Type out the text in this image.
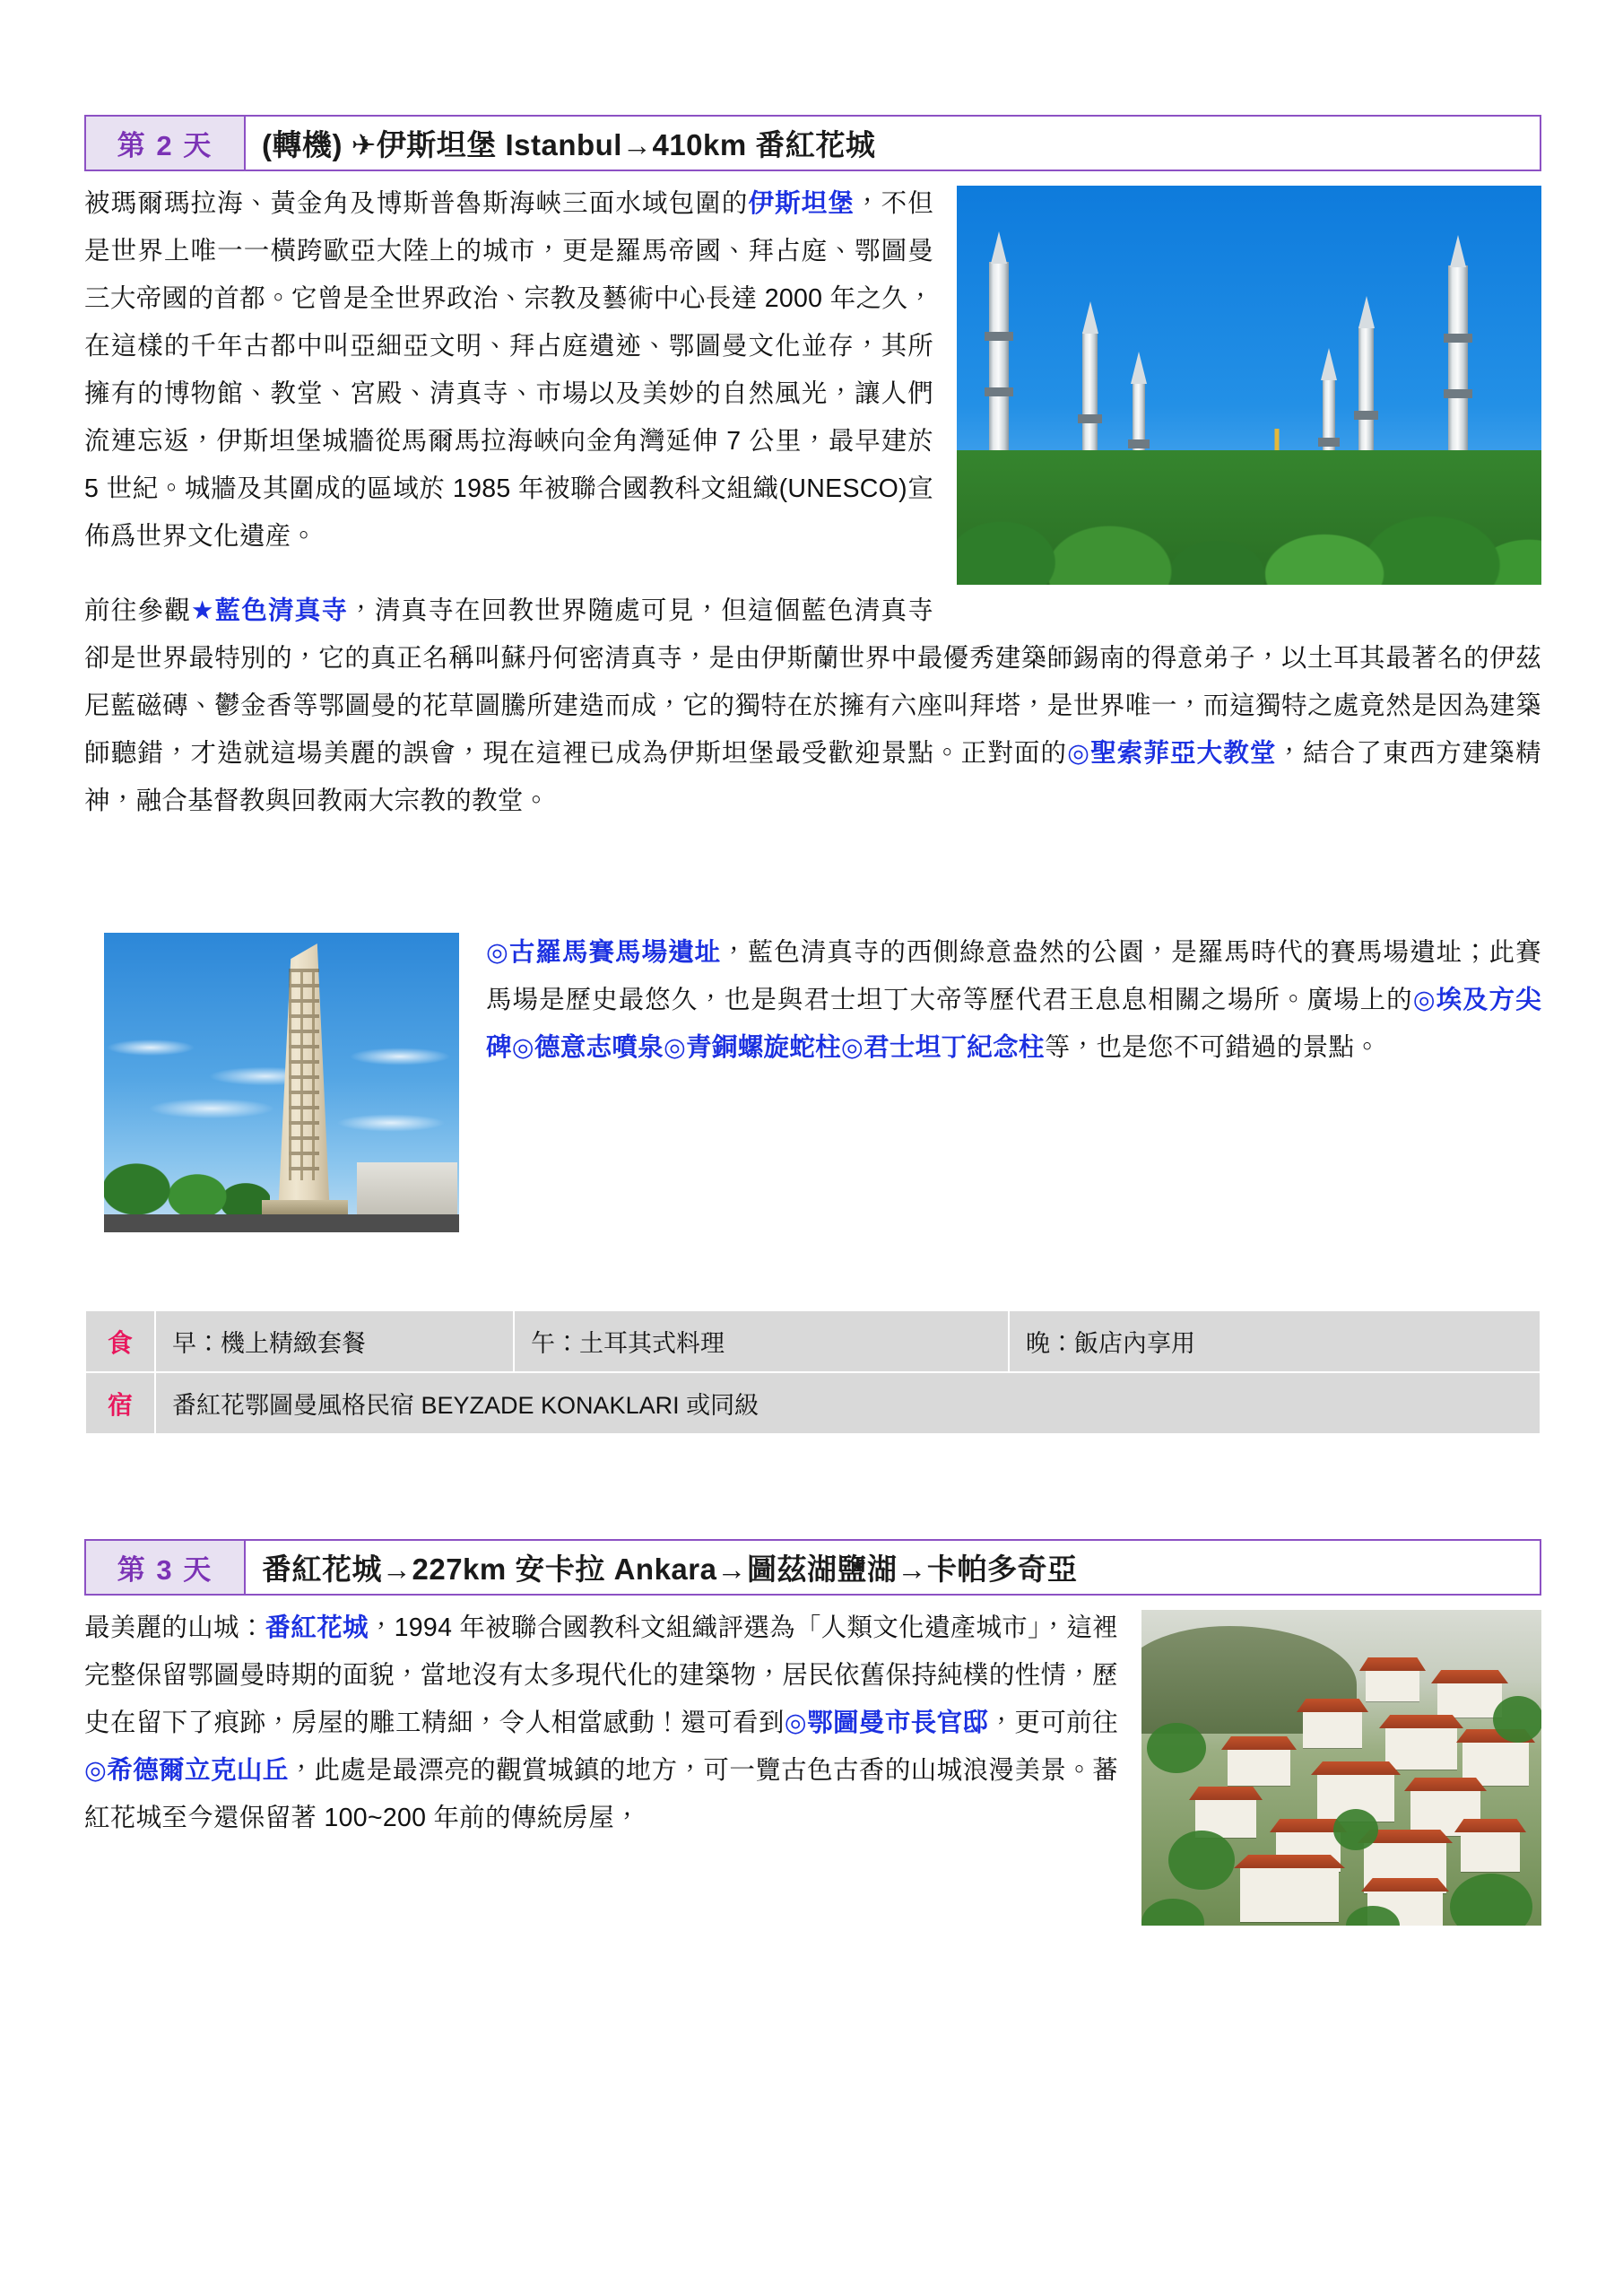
第 2 天	(轉機) ✈伊斯坦堡 Istanbul→410km 番紅花城

被瑪爾瑪拉海、黃金角及博斯普魯斯海峽三面水域包圍的伊斯坦堡，不但是世界上唯一一橫跨歐亞大陸上的城市，更是羅馬帝國、拜占庭、鄂圖曼三大帝國的首都。它曾是全世界政治、宗教及藝術中心長達 2000 年之久，在這樣的千年古都中叫亞細亞文明、拜占庭遺迹、鄂圖曼文化並存，其所擁有的博物館、教堂、宮殿、清真寺、市場以及美妙的自然風光，讓人們流連忘返，伊斯坦堡城牆從馬爾馬拉海峽向金角灣延伸 7 公里，最早建於 5 世紀。城牆及其圍成的區域於 1985 年被聯合國教科文組織(UNESCO)宣佈爲世界文化遺産。

前往參觀★藍色清真寺，清真寺在回教世界隨處可見，但這個藍色清真寺卻是世界最特別的，它的真正名稱叫蘇丹何密清真寺，是由伊斯蘭世界中最優秀建築師錫南的得意弟子，以土耳其最著名的伊茲尼藍磁磚、鬱金香等鄂圖曼的花草圖騰所建造而成，它的獨特在於擁有六座叫拜塔，是世界唯一，而這獨特之處竟然是因為建築師聽錯，才造就這場美麗的誤會，現在這裡已成為伊斯坦堡最受歡迎景點。正對面的◎聖索菲亞大教堂，結合了東西方建築精神，融合基督教與回教兩大宗教的教堂。

◎古羅馬賽馬場遺址，藍色清真寺的西側綠意盎然的公園，是羅馬時代的賽馬場遺址；此賽馬場是歷史最悠久，也是與君士坦丁大帝等歷代君王息息相關之場所。廣場上的◎埃及方尖碑◎德意志噴泉◎青銅螺旋蛇柱◎君士坦丁紀念柱等，也是您不可錯過的景點。

食	早：機上精緻套餐	午：土耳其式料理	晚：飯店內享用
宿	番紅花鄂圖曼風格民宿 BEYZADE KONAKLARI 或同級		
第 3 天	番紅花城→227km 安卡拉 Ankara→圖茲湖鹽湖→卡帕多奇亞

最美麗的山城：番紅花城，1994 年被聯合國教科文組織評選為「人類文化遺產城市」，這裡完整保留鄂圖曼時期的面貌，當地沒有太多現代化的建築物，居民依舊保持純樸的性情，歷史在留下了痕跡，房屋的雕工精細，令人相當感動！還可看到◎鄂圖曼市長官邸，更可前往◎希德爾立克山丘，此處是最漂亮的觀賞城鎮的地方，可一覽古色古香的山城浪漫美景。蕃紅花城至今還保留著 100~200 年前的傳統房屋，
